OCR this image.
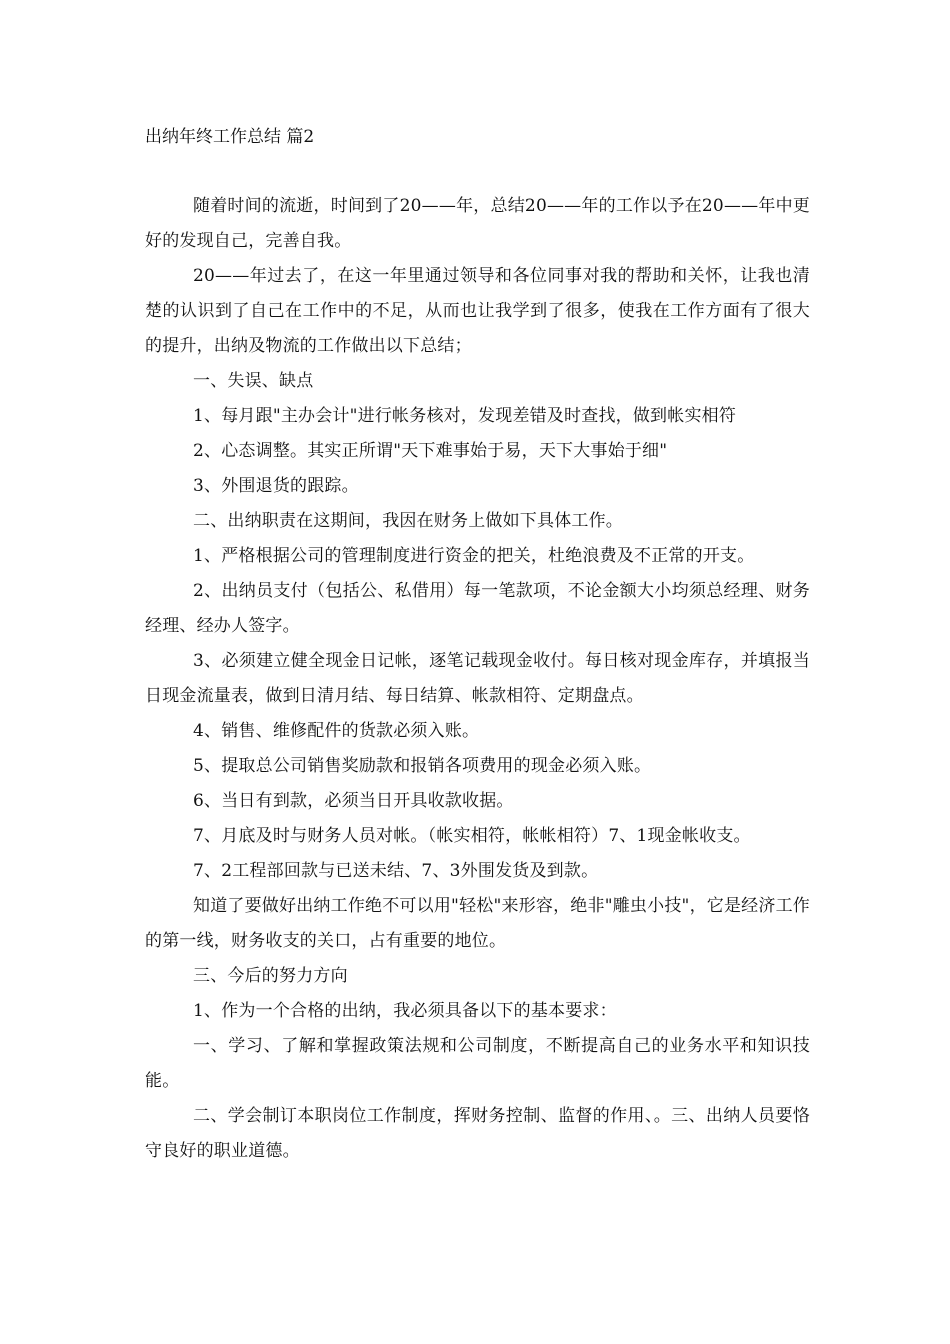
出纳年终工作总结 篇2

随着时间的流逝，时间到了20——年，总结20——年的工作以予在20——年中更好的发现自己，完善自我。

20——年过去了，在这一年里通过领导和各位同事对我的帮助和关怀，让我也清楚的认识到了自己在工作中的不足，从而也让我学到了很多，使我在工作方面有了很大的提升，出纳及物流的工作做出以下总结；

一、失误、缺点

1、每月跟"主办会计"进行帐务核对，发现差错及时查找，做到帐实相符

2、心态调整。其实正所谓"天下难事始于易，天下大事始于细"

3、外围退货的跟踪。

二、出纳职责在这期间，我因在财务上做如下具体工作。

1、严格根据公司的管理制度进行资金的把关，杜绝浪费及不正常的开支。

2、出纳员支付（包括公、私借用）每一笔款项，不论金额大小均须总经理、财务经理、经办人签字。

3、必须建立健全现金日记帐，逐笔记载现金收付。每日核对现金库存，并填报当日现金流量表，做到日清月结、每日结算、帐款相符、定期盘点。

4、销售、维修配件的货款必须入账。

5、提取总公司销售奖励款和报销各项费用的现金必须入账。

6、当日有到款，必须当日开具收款收据。

7、月底及时与财务人员对帐。（帐实相符，帐帐相符）7、1现金帐收支。

7、2工程部回款与已送未结、7、3外围发货及到款。

知道了要做好出纳工作绝不可以用"轻松"来形容，绝非"雕虫小技"，它是经济工作的第一线，财务收支的关口，占有重要的地位。

三、今后的努力方向

1、作为一个合格的出纳，我必须具备以下的基本要求：

一、学习、了解和掌握政策法规和公司制度，不断提高自己的业务水平和知识技能。

二、学会制订本职岗位工作制度，挥财务控制、监督的作用、。三、出纳人员要恪守良好的职业道德。
